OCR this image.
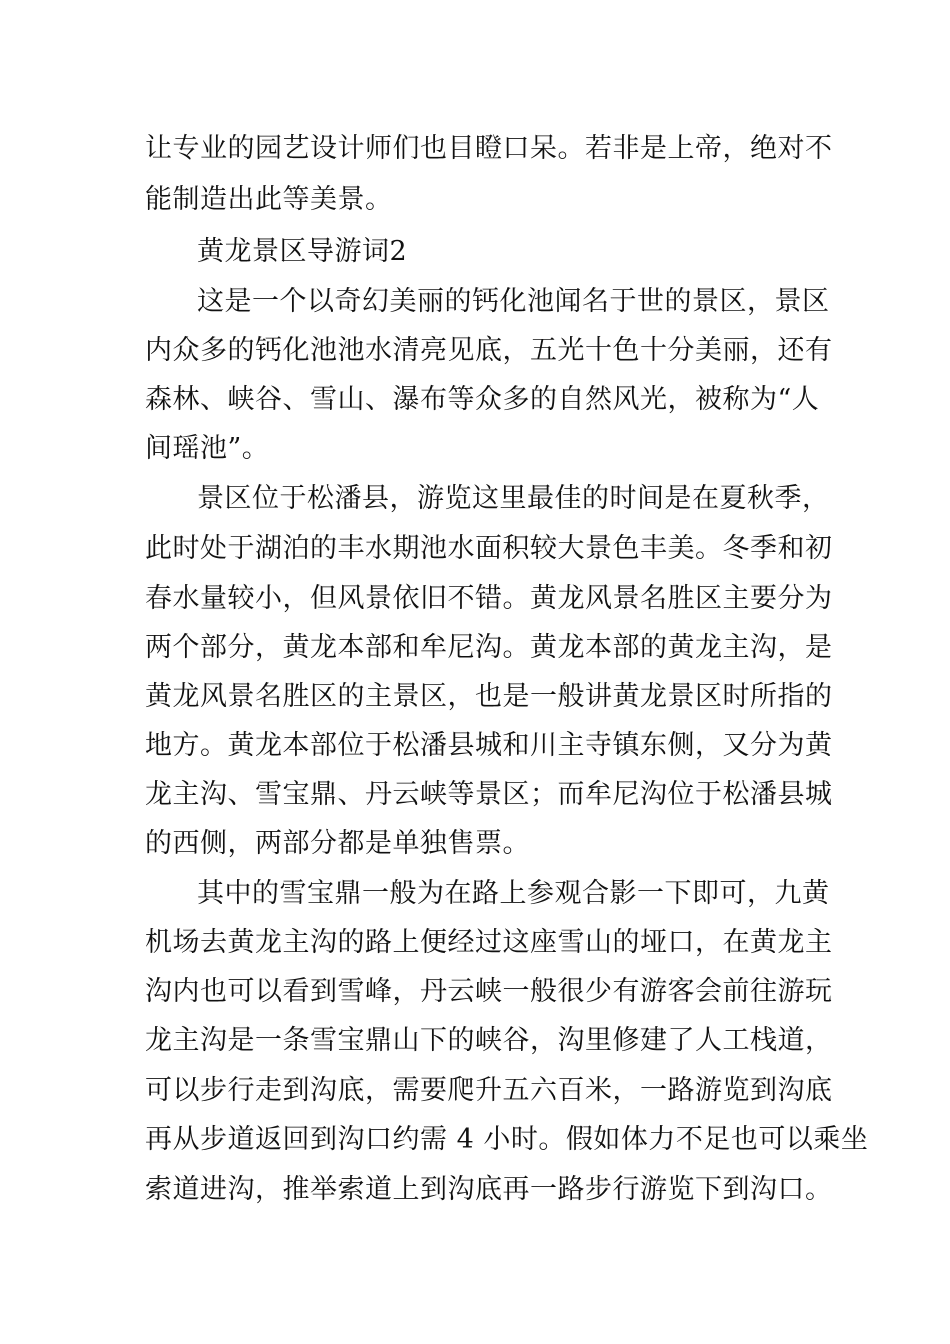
让专业的园艺设计师们也目瞪口呆。若非是上帝，绝对不
能制造出此等美景。
黄龙景区导游词2
这是一个以奇幻美丽的钙化池闻名于世的景区，景区
内众多的钙化池池水清亮见底，五光十色十分美丽，还有
森林、峡谷、雪山、瀑布等众多的自然风光，被称为“人
间瑶池”。
景区位于松潘县，游览这里最佳的时间是在夏秋季，
此时处于湖泊的丰水期池水面积较大景色丰美。冬季和初
春水量较小，但风景依旧不错。黄龙风景名胜区主要分为
两个部分，黄龙本部和牟尼沟。黄龙本部的黄龙主沟，是
黄龙风景名胜区的主景区，也是一般讲黄龙景区时所指的
地方。黄龙本部位于松潘县城和川主寺镇东侧，又分为黄
龙主沟、雪宝鼎、丹云峡等景区；而牟尼沟位于松潘县城
的西侧，两部分都是单独售票。
其中的雪宝鼎一般为在路上参观合影一下即可，九黄
机场去黄龙主沟的路上便经过这座雪山的垭口，在黄龙主
沟内也可以看到雪峰，丹云峡一般很少有游客会前往游玩
龙主沟是一条雪宝鼎山下的峡谷，沟里修建了人工栈道，
可以步行走到沟底，需要爬升五六百米，一路游览到沟底
再从步道返回到沟口约需 4 小时。假如体力不足也可以乘坐
索道进沟，推举索道上到沟底再一路步行游览下到沟口。
